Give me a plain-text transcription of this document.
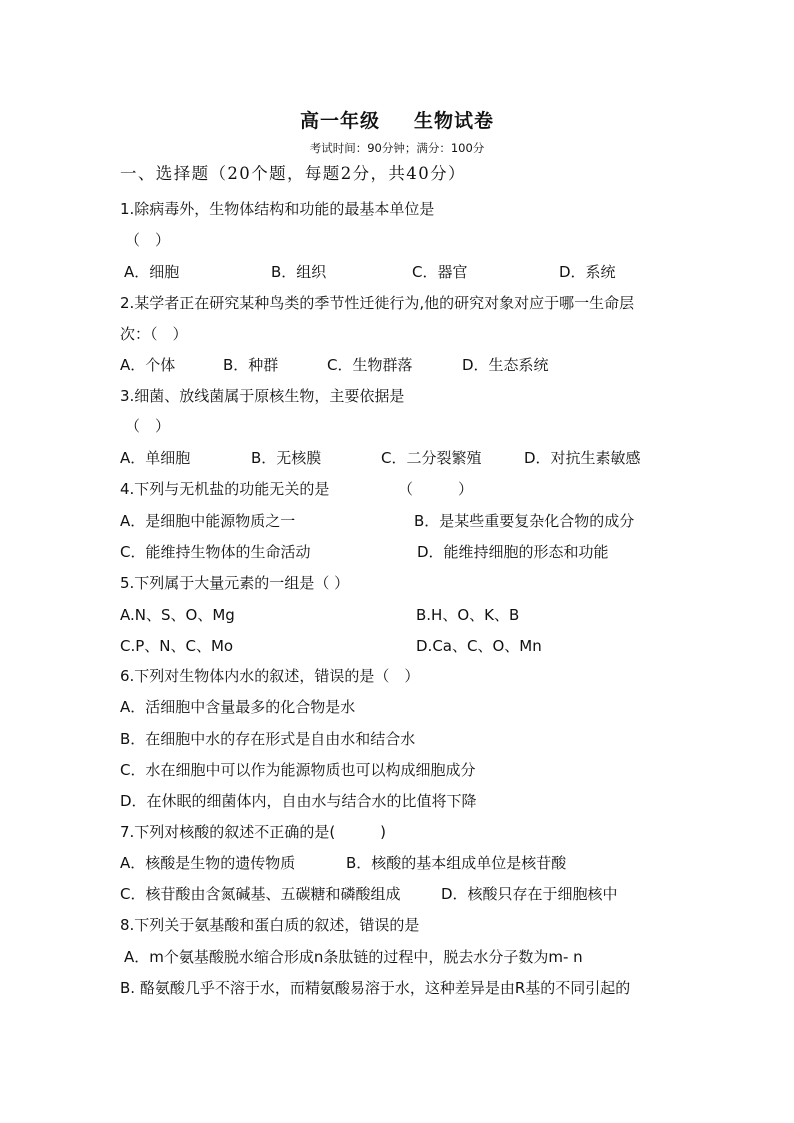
高一年级 生物试卷
考试时间：90分钟；满分：100分
一、选择题（20个题，每题2分，共40分）
1.除病毒外，生物体结构和功能的最基本单位是
（　）
A．细胞	B．组织	C．器官	D．系统
2.某学者正在研究某种鸟类的季节性迁徙行为,他的研究对象对应于哪一生命层
次：（　）
A．个体	B．种群	C．生物群落	D．生态系统
3.细菌、放线菌属于原核生物，主要依据是
（　）
A．单细胞	B．无核膜	C．二分裂繁殖	D．对抗生素敏感
4.下列与无机盐的功能无关的是	（　　　）
A．是细胞中能源物质之一	B．是某些重要复杂化合物的成分
C．能维持生物体的生命活动	D．能维持细胞的形态和功能
5.下列属于大量元素的一组是（ ）
A.N、S、O、Mg	B.H、O、K、B
C.P、N、C、Mo	D.Ca、C、O、Mn
6.下列对生物体内水的叙述，错误的是（　）
A．活细胞中含量最多的化合物是水
B．在细胞中水的存在形式是自由水和结合水
C．水在细胞中可以作为能源物质也可以构成细胞成分
D．在休眠的细菌体内，自由水与结合水的比值将下降
7.下列对核酸的叙述不正确的是(　　　)
A．核酸是生物的遗传物质	B．核酸的基本组成单位是核苷酸
C．核苷酸由含氮碱基、五碳糖和磷酸组成	D．核酸只存在于细胞核中
8.下列关于氨基酸和蛋白质的叙述，错误的是
A．m个氨基酸脱水缩合形成n条肽链的过程中，脱去水分子数为m- n
B. 酪氨酸几乎不溶于水，而精氨酸易溶于水，这种差异是由R基的不同引起的
